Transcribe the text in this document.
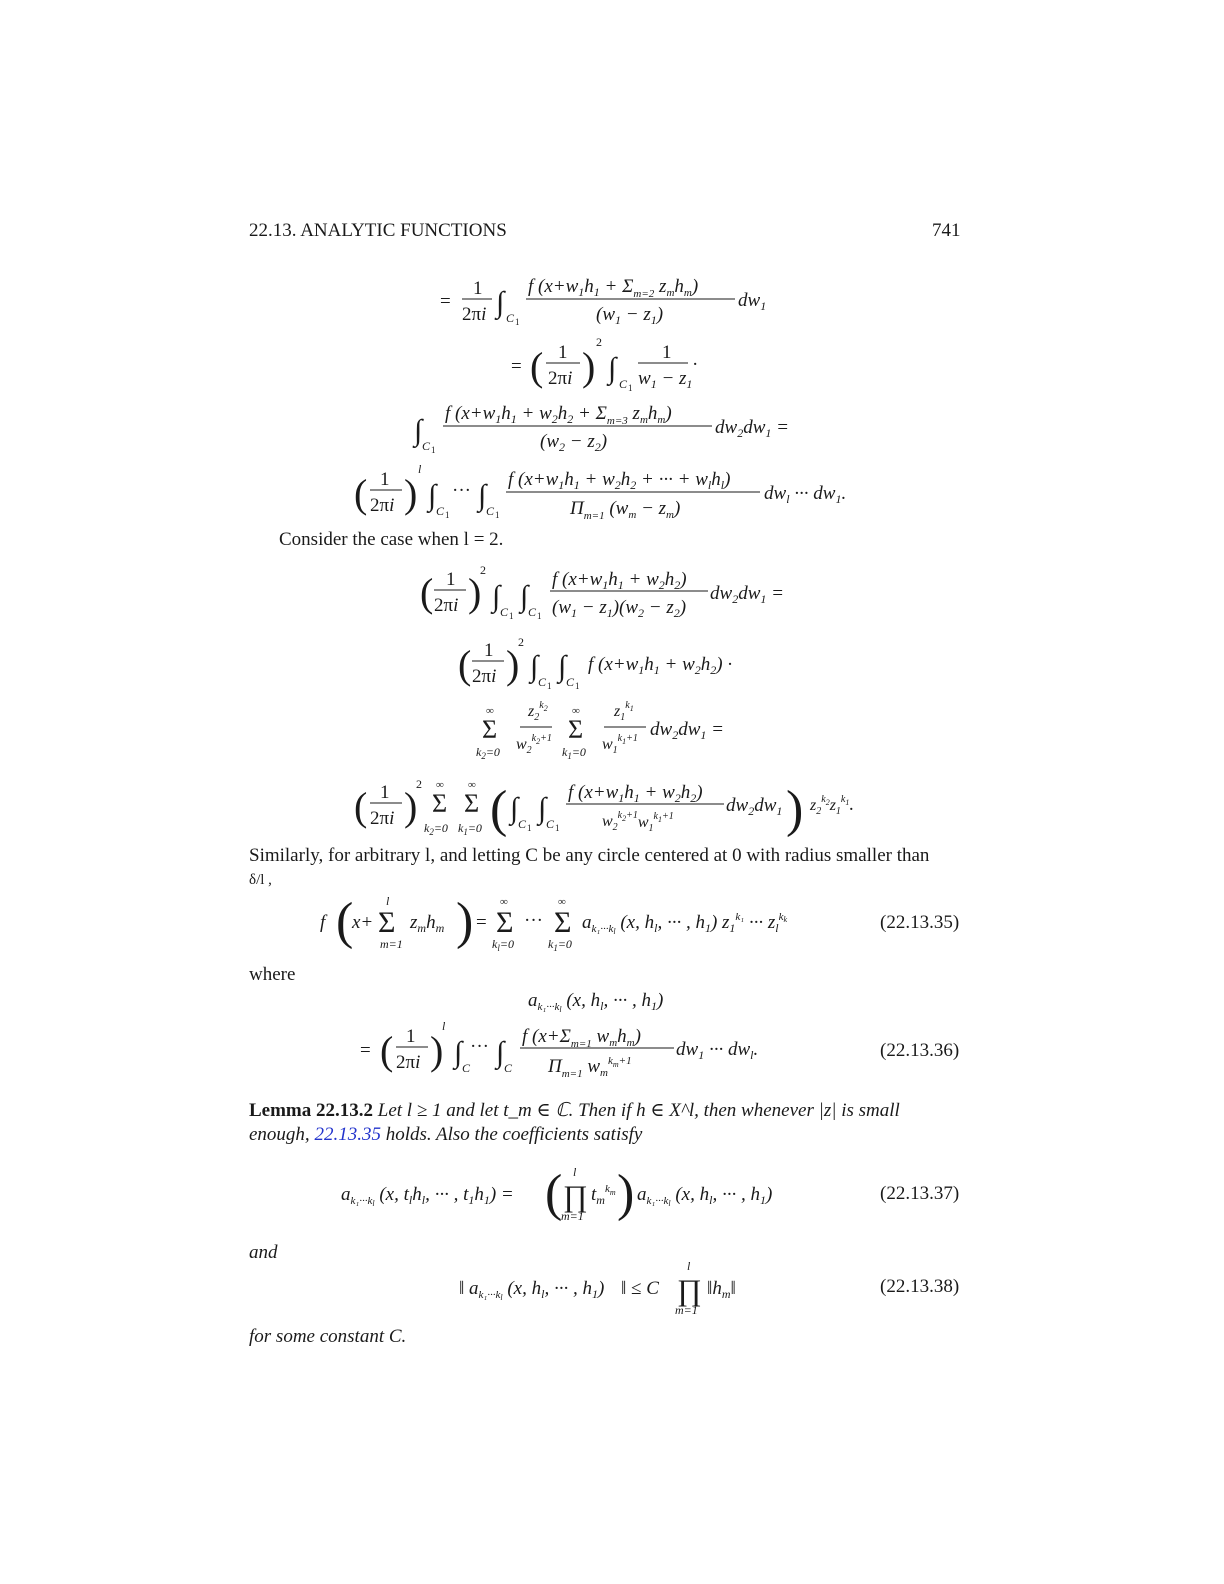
22.13. ANALYTIC FUNCTIONS	741
=
1
2πi ∫ C 1
f ($x+w_1h_1 + \Sigma_{m=2}$ $z_mh_m$)
$(w_1 - z_1)$
$dw_1$
= ( 1
2πi )
2
∫ C 1
1
$w_1 - z_1$
·
∫ C 1
f ($x+w_1h_1 + w_2h_2 + \Sigma_{m=3}$ $z_mh_m$)
$(w_2 - z_2)$
$dw_2dw_1$ =
( 1
2πi )
l
∫ C 1
··· ∫ C 1
f ($x+w_1h_1 + w_2h_2$ + ··· + $w_lh_l$)
$\Pi_{m=1}$ $(w_m - z_m)$
$dw_l$ ··· $dw_1$.
Consider the case when l = 2.
( 1
2πi )
2
∫ C 1
∫ C 1
f $(x+w_1h_1 + w_2h_2)$
$(w_1 - z_1)(w_2 - z_2)$
$dw_2dw_1$ =
( 1
2πi )
2
∫ C 1
∫ C 1
f $(x+w_1h_1 + w_2h_2)$ ·
∞
Σ
$k_2=0$
$z_2^k2$
$w_2^k2+1$
∞
Σ
$k_1=0$
$z_1^k1$
$w_1^k1+1$ $dw_2dw_1$ =
( 1
2πi )
2 ∞
Σ
$k_2=0$
∞
Σ
$k_1=0$ ( ∫ C 1
∫ C 1
f $(x+w_1h_1 + w_2h_2)$
$w_2^k2+1w_1^k1+1$
$dw_2dw_1$ ) $z_2^k2z_1^k1$.
Similarly, for arbitrary l, and letting C be any circle centered at 0 with radius smaller than
δ/l ,
f (
x+
l
Σ
m=1
$z_mh_m$ ) =
∞
Σ
$k_l=0$
···
∞
Σ
$k_1=0$
$a_{k_1\cdot\cdot\cdot k}l$ (x, $h_l$, ··· , $h_1$) $z_1^{k_1}$ ··· $z_l^kk$	(22.13.35)
where
$a_{k_1\cdot\cdot\cdot k}l$ (x, $h_l$, ··· , $h_1$)
= ( 1
2πi )
l
∫ C
··· ∫ C
f ($x+\Sigma_{m=1}$ $w_mh_m$)
$\Pi_{m=1}$ $w_m^km+1$
$dw_1$ ··· $dw_l$.	(22.13.36)
Lemma 22.13.2 Let l ≥ 1 and let t_m ∈ ℂ. Then if h ∈ X^l, then whenever |z| is small
enough, 22.13.35 holds. Also the coefficients satisfy
$a_{k_1\cdot\cdot\cdot k}l$ (x, $t_lh_l$, ··· , $t_1h_1$) = ( l
∏
m=1
$t_m^km$ ) $a_{k_1\cdot\cdot\cdot k}l$ (x, $h_l$, ··· , $h_1$)	(22.13.37)
and
‖ $a_{k_1\cdot\cdot\cdot k}l$ (x, $h_l$, ··· , $h_1$) ‖ ≤ C
l
∏
m=1
$‖h_m‖$	(22.13.38)
for some constant C.
